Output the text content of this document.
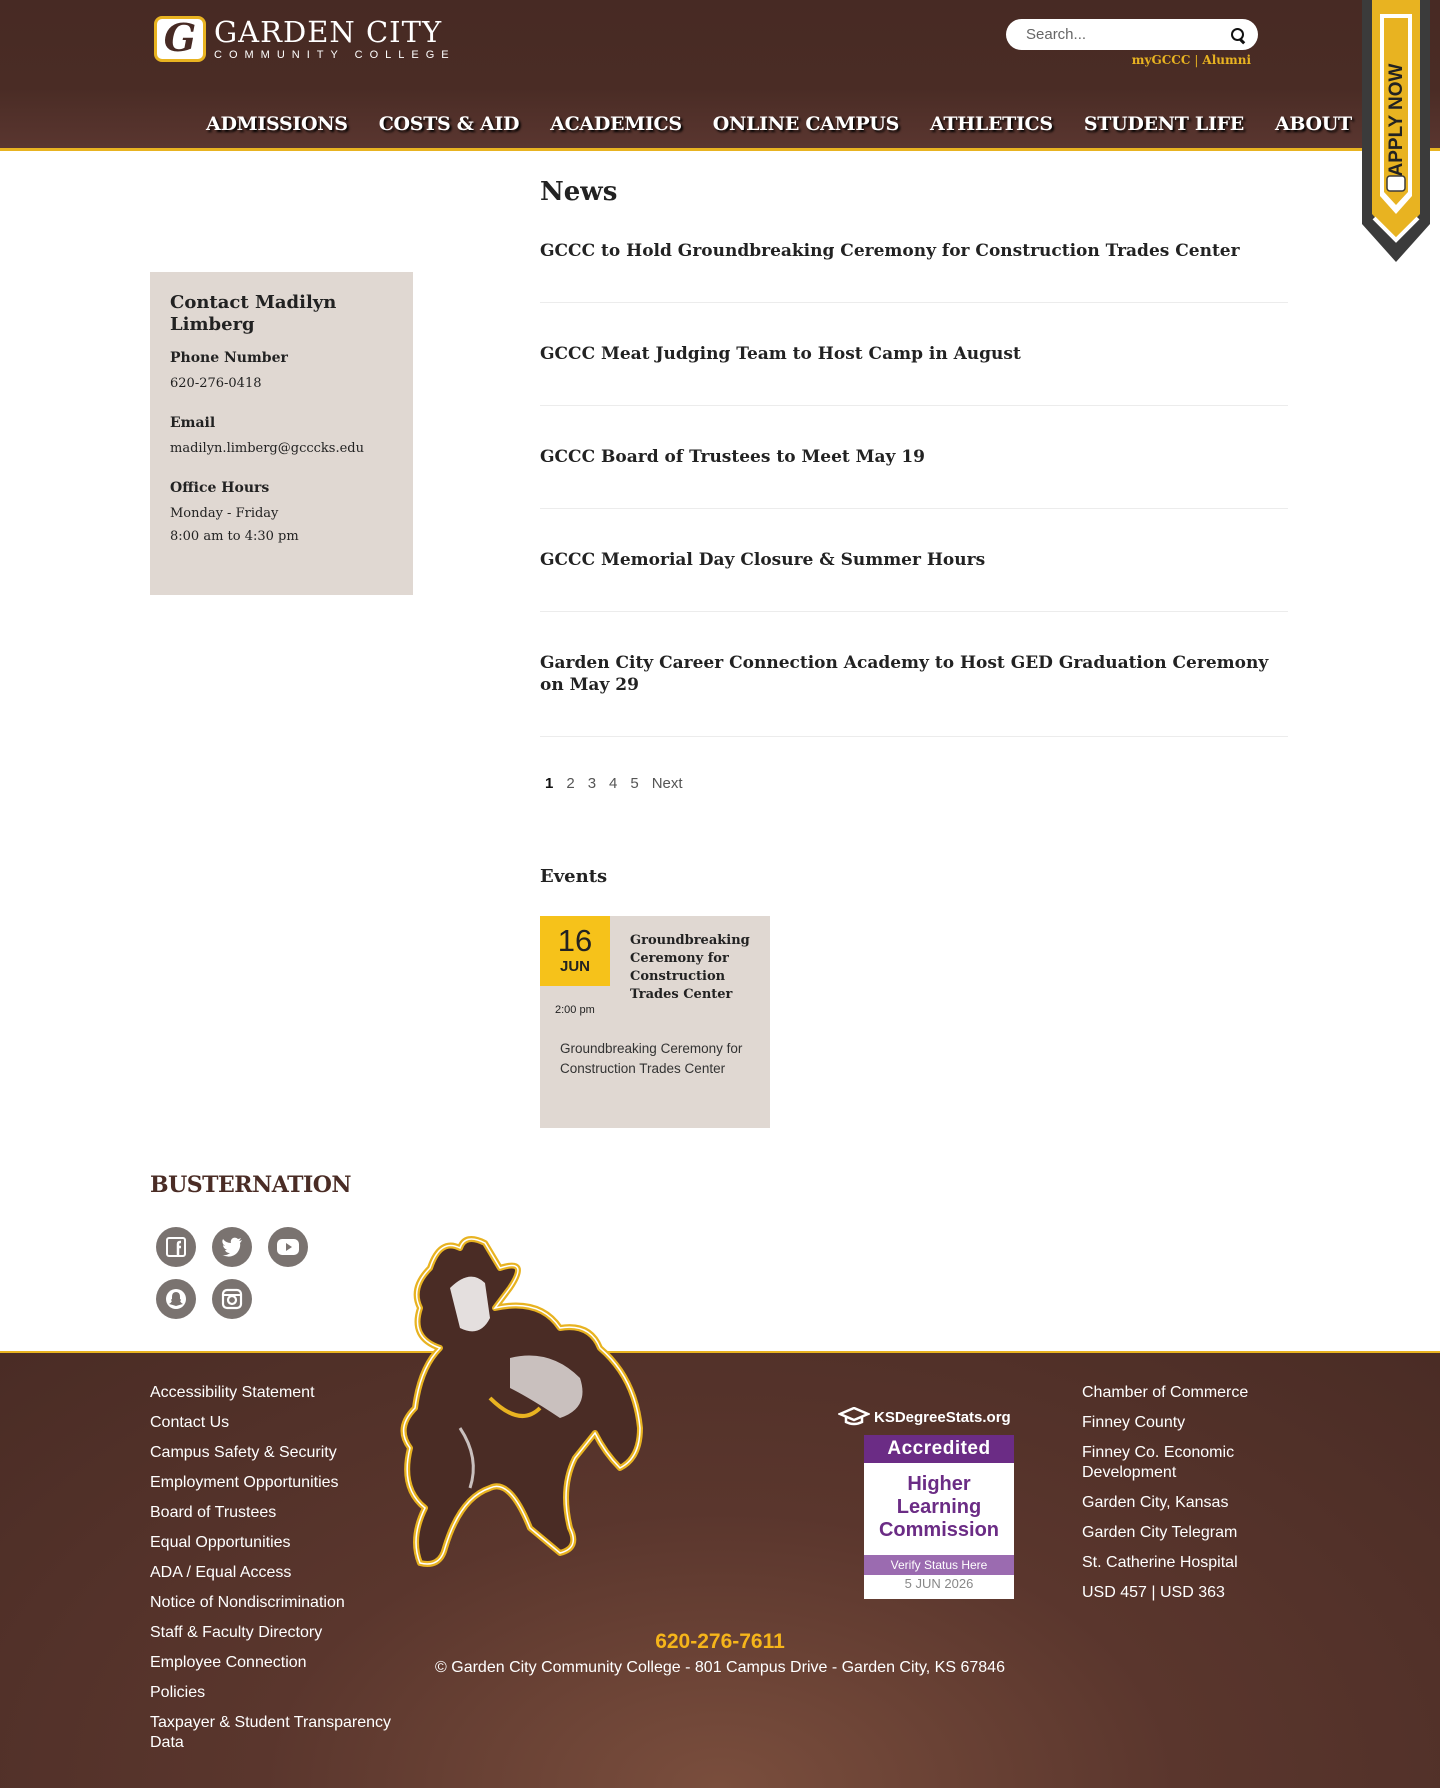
G GARDEN CITY
COMMUNITY COLLEGE
Search...	myGCCC | Alumni
ADMISSIONS COSTS & AID ACADEMICS ONLINE CAMPUS ATHLETICS STUDENT LIFE ABOUT APPLY NOW
Contact Madilyn Limberg
Phone Number
620-276-0418
Email
madilyn.limberg@gcccks.edu
Office Hours
Monday - Friday
8:00 am to 4:30 pm
News
GCCC to Hold Groundbreaking Ceremony for Construction Trades Center
GCCC Meat Judging Team to Host Camp in August
GCCC Board of Trustees to Meet May 19
GCCC Memorial Day Closure & Summer Hours
Garden City Career Connection Academy to Host GED Graduation Ceremony on May 29
1 2 3 4 5 Next
Events
16
JUN
2:00 pm
Groundbreaking Ceremony for Construction Trades Center
Groundbreaking Ceremony for Construction Trades Center
BUSTERNATION
Accessibility Statement
Contact Us
Campus Safety & Security
Employment Opportunities
Board of Trustees
Equal Opportunities
ADA / Equal Access
Notice of Nondiscrimination
Staff & Faculty Directory
Employee Connection
Policies
Taxpayer & Student Transparency Data
KSDegreeStats.org
Accredited
Higher
Learning
Commission
Verify Status Here
5 JUN 2026
Chamber of Commerce
Finney County
Finney Co. Economic Development
Garden City, Kansas
Garden City Telegram
St. Catherine Hospital
USD 457 | USD 363
620-276-7611
© Garden City Community College - 801 Campus Drive - Garden City, KS 67846
